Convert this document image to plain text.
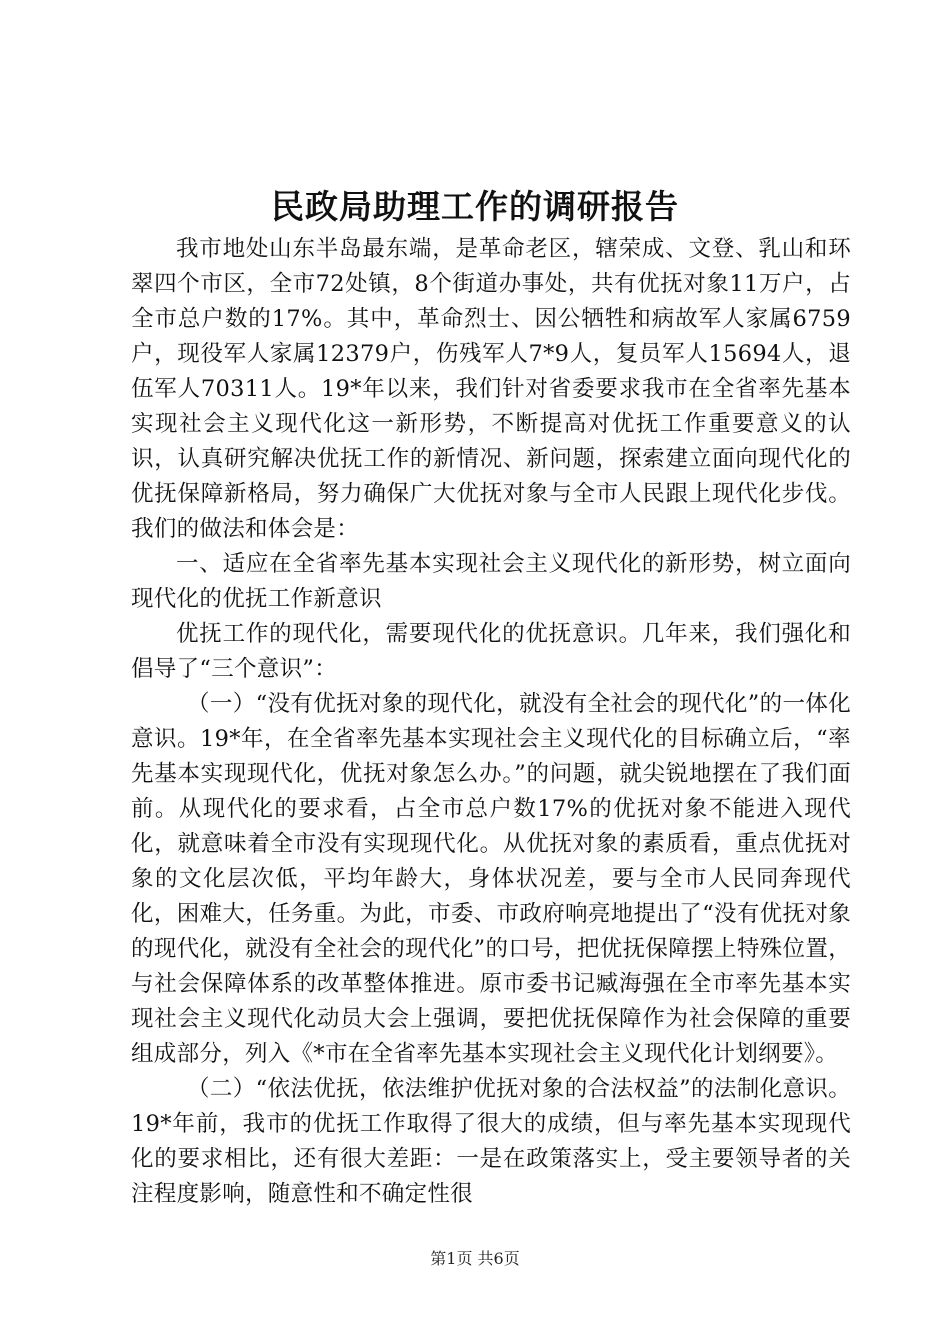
民政局助理工作的调研报告

我市地处山东半岛最东端，是革命老区，辖荣成、文登、乳山和环翠四个市区，全市72处镇，8个街道办事处，共有优抚对象11万户，占全市总户数的17%。其中，革命烈士、因公牺牲和病故军人家属6759户，现役军人家属12379户，伤残军人7*9人，复员军人15694人，退伍军人70311人。19*年以来，我们针对省委要求我市在全省率先基本实现社会主义现代化这一新形势，不断提高对优抚工作重要意义的认识，认真研究解决优抚工作的新情况、新问题，探索建立面向现代化的优抚保障新格局，努力确保广大优抚对象与全市人民跟上现代化步伐。我们的做法和体会是：

一、适应在全省率先基本实现社会主义现代化的新形势，树立面向现代化的优抚工作新意识

优抚工作的现代化，需要现代化的优抚意识。几年来，我们强化和倡导了“三个意识”：

（一）“没有优抚对象的现代化，就没有全社会的现代化”的一体化意识。19*年，在全省率先基本实现社会主义现代化的目标确立后，“率先基本实现现代化，优抚对象怎么办。”的问题，就尖锐地摆在了我们面前。从现代化的要求看，占全市总户数17%的优抚对象不能进入现代化，就意味着全市没有实现现代化。从优抚对象的素质看，重点优抚对象的文化层次低，平均年龄大，身体状况差，要与全市人民同奔现代化，困难大，任务重。为此，市委、市政府响亮地提出了“没有优抚对象的现代化，就没有全社会的现代化”的口号，把优抚保障摆上特殊位置，与社会保障体系的改革整体推进。原市委书记臧海强在全市率先基本实现社会主义现代化动员大会上强调，要把优抚保障作为社会保障的重要组成部分，列入《*市在全省率先基本实现社会主义现代化计划纲要》。

（二）“依法优抚，依法维护优抚对象的合法权益”的法制化意识。19*年前，我市的优抚工作取得了很大的成绩，但与率先基本实现现代化的要求相比，还有很大差距：一是在政策落实上，受主要领导者的关注程度影响，随意性和不确定性很

第1页 共6页
